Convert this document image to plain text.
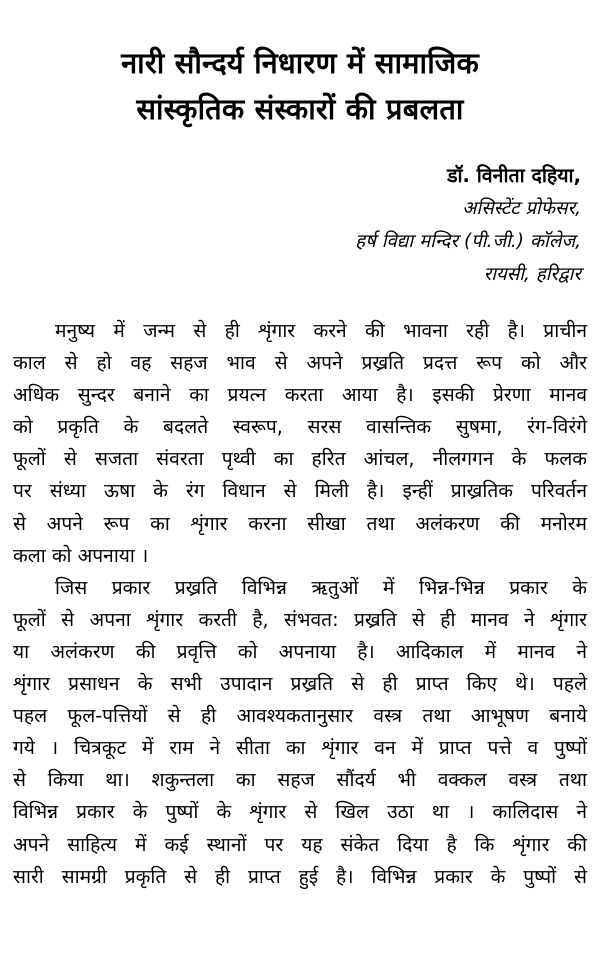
नारी सौन्दर्य निधारण में सामाजिक
सांस्कृतिक संस्कारों की प्रबलता
डॉ. विनीता दहिया,
असिस्टेंट प्रोफेसर,
हर्ष विद्या मन्दिर (पी.जी.) कॉलेज,
रायसी, हरिद्वार

मनुष्य में जन्म से ही शृंगार करने की भावना रही है। प्राचीन
काल से हो वह सहज भाव से अपने प्रख्रति प्रदत्त रूप को और
अधिक सुन्दर बनाने का प्रयत्न करता आया है। इसकी प्रेरणा मानव
को प्रकृति के बदलते स्वरूप, सरस वासन्तिक सुषमा, रंग-विरंगे
फूलों से सजता संवरता पृथ्वी का हरित आंचल, नीलगगन के फलक
पर संध्या ऊषा के रंग विधान से मिली है। इन्हीं प्राख्रतिक परिवर्तन
से अपने रूप का शृंगार करना सीखा तथा अलंकरण की मनोरम
कला को अपनाया ।

जिस प्रकार प्रख्रति विभिन्न ऋतुओं में भिन्न-भिन्न प्रकार के
फूलों से अपना शृंगार करती है, संभवत: प्रख्रति से ही मानव ने शृंगार
या अलंकरण की प्रवृत्ति को अपनाया है। आदिकाल में मानव ने
शृंगार प्रसाधन के सभी उपादान प्रख्रति से ही प्राप्त किए थे। पहले
पहल फूल-पत्तियों से ही आवश्यकतानुसार वस्त्र तथा आभूषण बनाये
गये । चित्रकूट में राम ने सीता का शृंगार वन में प्राप्त पत्ते व पुष्पों
से किया था। शकुन्तला का सहज सौंदर्य भी वक्कल वस्त्र तथा
विभिन्न प्रकार के पुष्पों के शृंगार से खिल उठा था । कालिदास ने
अपने साहित्य में कई स्थानों पर यह संकेत दिया है कि शृंगार की
सारी सामग्री प्रकृति से ही प्राप्त हुई है। विभिन्न प्रकार के पुष्पों से
